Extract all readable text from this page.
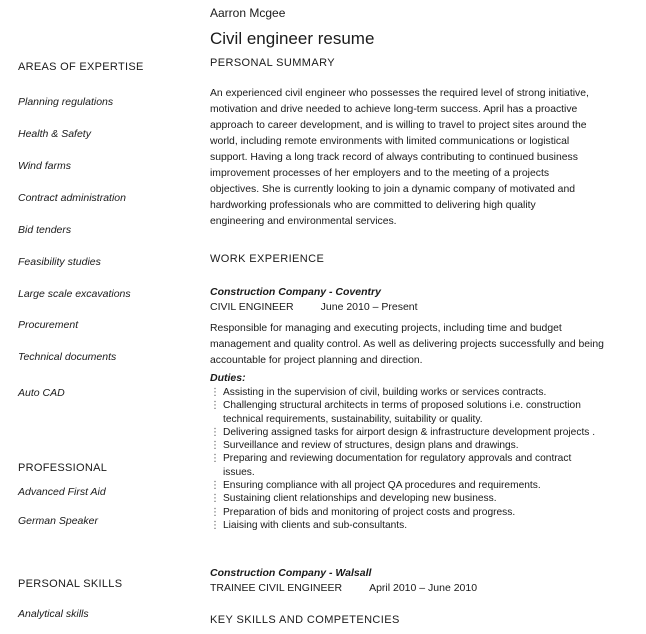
Aarron Mcgee
Civil engineer resume
AREAS OF EXPERTISE
Planning regulations
Health & Safety
Wind farms
Contract administration
Bid tenders
Feasibility studies
Large scale excavations
Procurement
Technical documents
Auto CAD
PROFESSIONAL
Advanced First Aid
German Speaker
PERSONAL SKILLS
Analytical skills
PERSONAL SUMMARY
An experienced civil engineer who possesses the required level of strong initiative,
motivation and drive needed to achieve long-term success. April has a proactive
approach to career development, and is willing to travel to project sites around the
world, including remote environments with limited communications or logistical
support. Having a long track record of always contributing to continued business
improvement processes of her employers and to the meeting of a projects
objectives. She is currently looking to join a dynamic company of motivated and
hardworking professionals who are committed to delivering high quality
engineering and environmental services.
WORK EXPERIENCE
Construction Company - Coventry
CIVIL ENGINEER	June 2010 – Present
Responsible for managing and executing projects, including time and budget
management and quality control. As well as delivering projects successfully and being
accountable for project planning and direction.
Duties:
⋮ Assisting in the supervision of civil, building works or services contracts.
⋮ Challenging structural architects in terms of proposed solutions i.e. construction
technical requirements, sustainability, suitability or quality.
⋮ Delivering assigned tasks for airport design & infrastructure development projects .
⋮ Surveillance and review of structures, design plans and drawings.
⋮ Preparing and reviewing documentation for regulatory approvals and contract
issues.
⋮ Ensuring compliance with all project QA procedures and requirements.
⋮ Sustaining client relationships and developing new business.
⋮ Preparation of bids and monitoring of project costs and progress.
⋮ Liaising with clients and sub-consultants.
Construction Company - Walsall
TRAINEE CIVIL ENGINEER	April 2010 – June 2010
KEY SKILLS AND COMPETENCIES
